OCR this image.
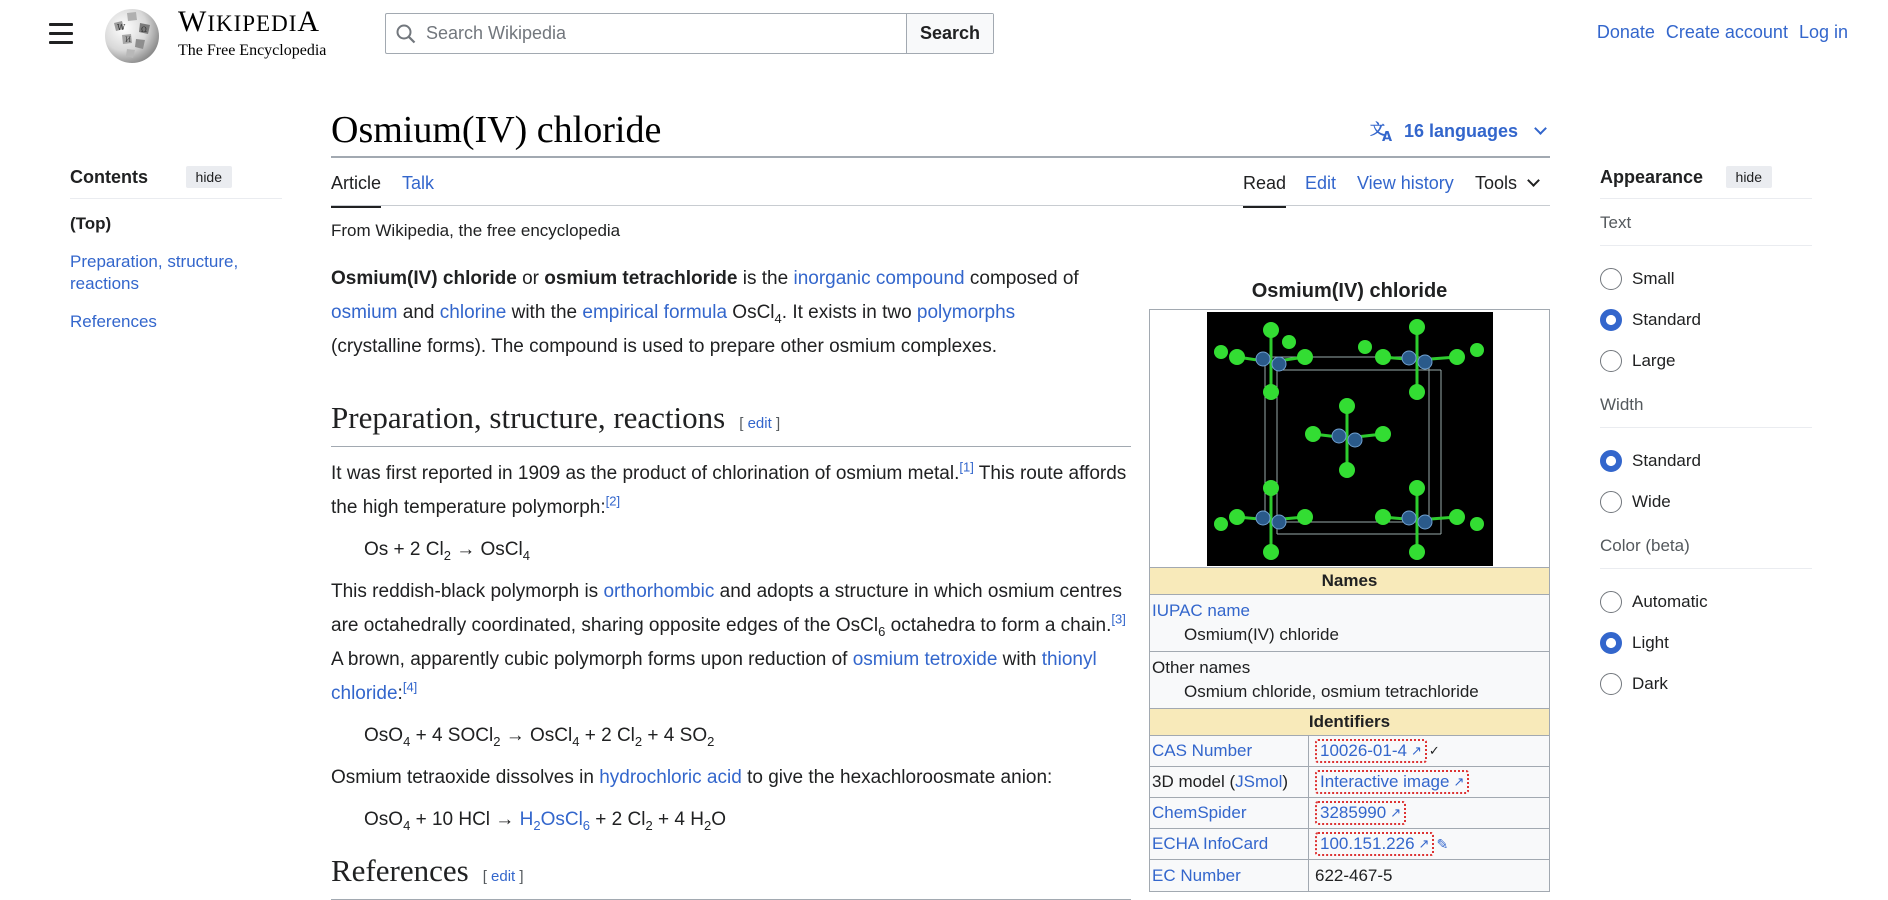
W Ω
И
WIKIPEDIA
The Free Encyclopedia
Search Wikipedia
Search	Donate Create account Log in
Contents	hide
(Top)
Preparation, structure, reactions
References
Osmium(IV) chloride	文
A 16 languages
Article Talk	Read Edit View history Tools
From Wikipedia, the free encyclopedia

Osmium(IV) chloride or osmium tetrachloride is the inorganic compound composed of
osmium and chlorine with the empirical formula OsCl$_4$. It exists in two polymorphs
(crystalline forms). The compound is used to prepare other osmium complexes.

Preparation, structure, reactions [ edit ]

It was first reported in 1909 as the product of chlorination of osmium metal.[1] This route affords the high temperature polymorph:[2]

Os + 2 $Cl_2$ → OsCl$_4$

This reddish-black polymorph is orthorhombic and adopts a structure in which osmium centres are octahedrally coordinated, sharing opposite edges of the OsCl$_6$ octahedra to form a chain.[3] A brown, apparently cubic polymorph forms upon reduction of osmium tetroxide with thionyl chloride:[4]

OsO$_4$ + 4 SOCl$_2$ → OsCl$_4$ + 2 $Cl_2 + 4$ $SO_2$

Osmium tetraoxide dissolves in hydrochloric acid to give the hexachloroosmate anion:

OsO$_4$ + 10 HCl → $H_2OsCl_6 + 2$ $Cl_2 + 4$ $H_2O$
References [ edit ]
Osmium(IV) chloride
Names
IUPAC name
Osmium(IV) chloride
Other names
Osmium chloride, osmium tetrachloride
Identifiers
CAS Number	10026-01-4 ↗ ✓
3D model ( JSmol ) Interactive image ↗
ChemSpider	3285990 ↗
ECHA InfoCard	100.151.226 ↗ ✎
EC Number	622-467-5
Appearance	hide
Text
Small
Standard
Large
Width
Standard
Wide
Color (beta)
Automatic
Light
Dark
